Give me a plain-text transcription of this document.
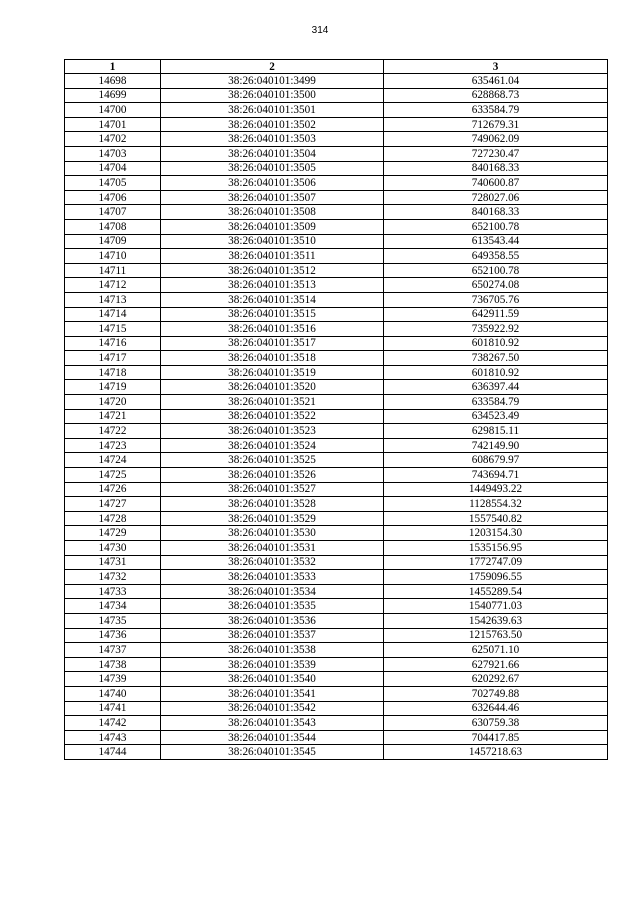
314
1	2	3
14698	38:26:040101:3499	635461.04
14699	38:26:040101:3500	628868.73
14700	38:26:040101:3501	633584.79
14701	38:26:040101:3502	712679.31
14702	38:26:040101:3503	749062.09
14703	38:26:040101:3504	727230.47
14704	38:26:040101:3505	840168.33
14705	38:26:040101:3506	740600.87
14706	38:26:040101:3507	728027.06
14707	38:26:040101:3508	840168.33
14708	38:26:040101:3509	652100.78
14709	38:26:040101:3510	613543.44
14710	38:26:040101:3511	649358.55
14711	38:26:040101:3512	652100.78
14712	38:26:040101:3513	650274.08
14713	38:26:040101:3514	736705.76
14714	38:26:040101:3515	642911.59
14715	38:26:040101:3516	735922.92
14716	38:26:040101:3517	601810.92
14717	38:26:040101:3518	738267.50
14718	38:26:040101:3519	601810.92
14719	38:26:040101:3520	636397.44
14720	38:26:040101:3521	633584.79
14721	38:26:040101:3522	634523.49
14722	38:26:040101:3523	629815.11
14723	38:26:040101:3524	742149.90
14724	38:26:040101:3525	608679.97
14725	38:26:040101:3526	743694.71
14726	38:26:040101:3527	1449493.22
14727	38:26:040101:3528	1128554.32
14728	38:26:040101:3529	1557540.82
14729	38:26:040101:3530	1203154.30
14730	38:26:040101:3531	1535156.95
14731	38:26:040101:3532	1772747.09
14732	38:26:040101:3533	1759096.55
14733	38:26:040101:3534	1455289.54
14734	38:26:040101:3535	1540771.03
14735	38:26:040101:3536	1542639.63
14736	38:26:040101:3537	1215763.50
14737	38:26:040101:3538	625071.10
14738	38:26:040101:3539	627921.66
14739	38:26:040101:3540	620292.67
14740	38:26:040101:3541	702749.88
14741	38:26:040101:3542	632644.46
14742	38:26:040101:3543	630759.38
14743	38:26:040101:3544	704417.85
14744	38:26:040101:3545	1457218.63
